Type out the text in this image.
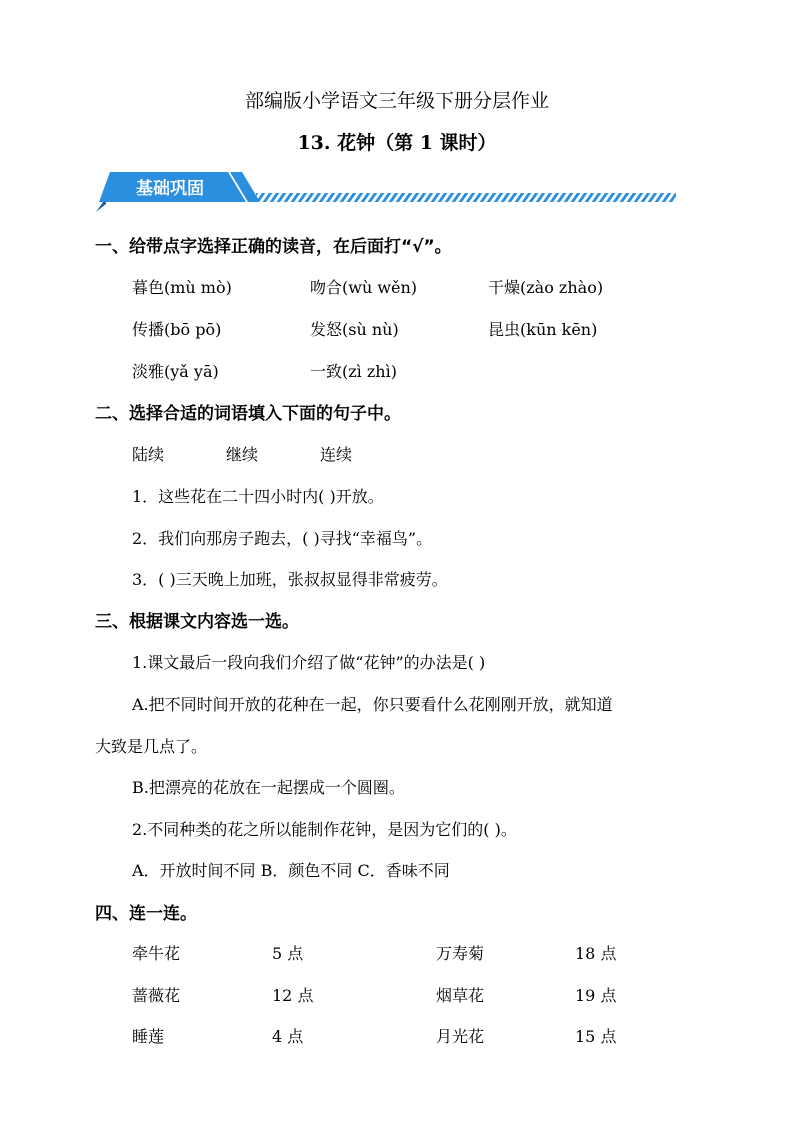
部编版小学语文三年级下册分层作业
13. 花钟（第 1 课时）
基础巩固
一、给带点字选择正确的读音，在后面打“√”。
暮色(mù mò)	吻合(wù wěn)	干燥(zào zhào)
传播(bō pō)	发怒(sù nù)	昆虫(kūn kēn)
淡雅(yǎ yā)	一致(zì zhì)
二、选择合适的词语填入下面的句子中。
陆续	继续	连续
1．这些花在二十四小时内( )开放。
2．我们向那房子跑去，( )寻找“幸福鸟”。
3．( )三天晚上加班，张叔叔显得非常疲劳。
三、根据课文内容选一选。
1.课文最后一段向我们介绍了做“花钟”的办法是( )
A.把不同时间开放的花种在一起，你只要看什么花刚刚开放，就知道
大致是几点了。
B.把漂亮的花放在一起摆成一个圆圈。
2.不同种类的花之所以能制作花钟，是因为它们的( )。
A．开放时间不同 B．颜色不同 C．香味不同
四、连一连。
牵牛花	5 点	万寿菊	18 点
蔷薇花	12 点	烟草花	19 点
睡莲	4 点	月光花	15 点
